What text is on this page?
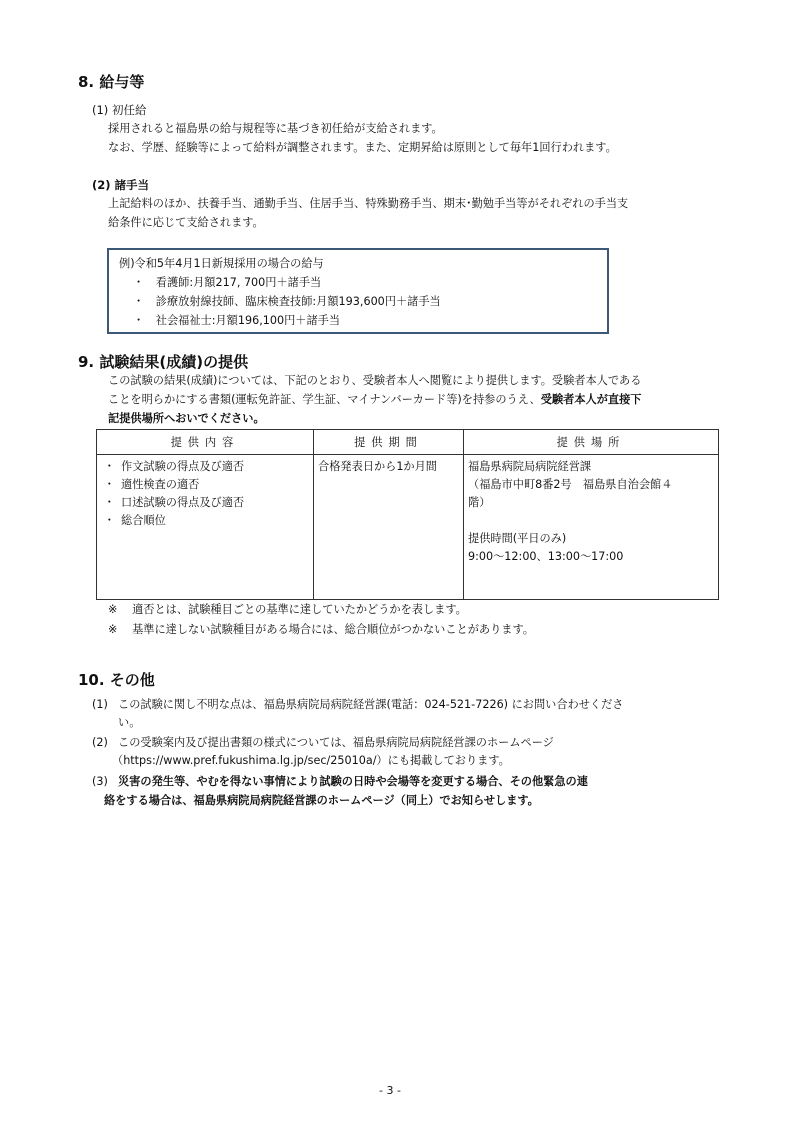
8. 給与等
(1) 初任給
採用されると福島県の給与規程等に基づき初任給が支給されます。
なお、学歴、経験等によって給料が調整されます。また、定期昇給は原則として毎年1回行われます。
(2) 諸手当
上記給料のほか、扶養手当、通勤手当、住居手当、特殊勤務手当、期末･勤勉手当等がそれぞれの手当支
給条件に応じて支給されます。
例)令和5年4月1日新規採用の場合の給与
・ 看護師:月額217, 700円＋諸手当
・ 診療放射線技師、臨床検査技師:月額193,600円＋諸手当
・ 社会福祉士:月額196,100円＋諸手当
9. 試験結果(成績)の提供
この試験の結果(成績)については、下記のとおり、受験者本人へ閲覧により提供します。受験者本人である
ことを明らかにする書類(運転免許証、学生証、マイナンバーカード等)を持参のうえ、受験者本人が直接下
記提供場所へおいでください。
提供内容	提供期間	提供場所

・ 作文試験の得点及び適否
・ 適性検査の適否
・ 口述試験の得点及び適否
・ 総合順位	合格発表日から1か月間	福島県病院局病院経営課
（福島市中町8番2号　福島県自治会館４
階）

提供時間(平日のみ)
9:00～12:00、13:00～17:00
※　 適否とは、試験種目ごとの基準に達していたかどうかを表します。
※　 基準に達しない試験種目がある場合には、総合順位がつかないことがあります。
10. その他
(1) この試験に関し不明な点は、福島県病院局病院経営課(電話：024-521-7226) にお問い合わせくださ
い。
(2) この受験案内及び提出書類の様式については、福島県病院局病院経営課のホームページ
（https://www.pref.fukushima.lg.jp/sec/25010a/）にも掲載しております。
(3) 災害の発生等、やむを得ない事情により試験の日時や会場等を変更する場合、その他緊急の連
絡をする場合は、福島県病院局病院経営課のホームページ（同上）でお知らせします。
- 3 -
